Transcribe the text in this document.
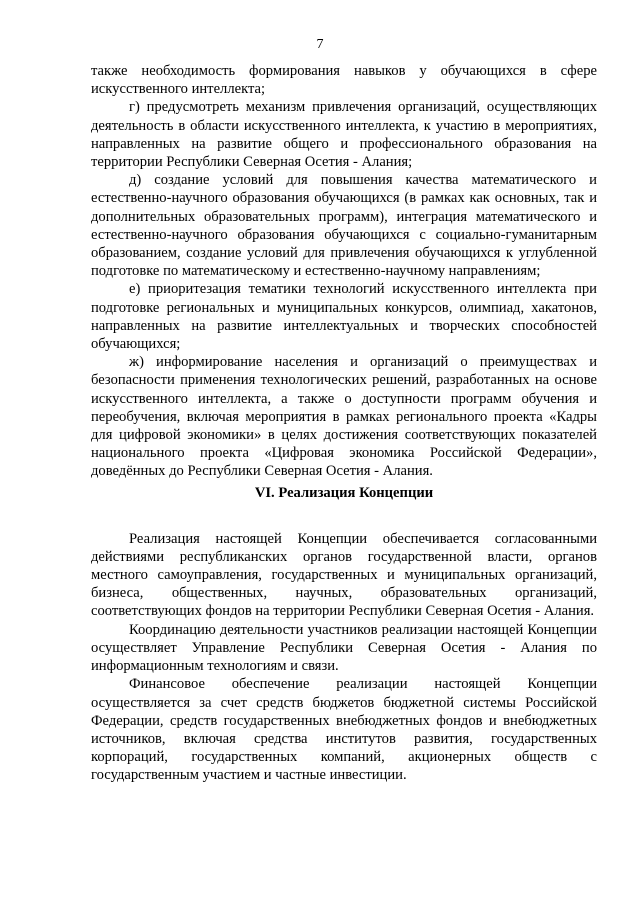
7

также необходимость формирования навыков у обучающихся в сфере искусственного интеллекта;

г) предусмотреть механизм привлечения организаций, осуществляющих деятельность в области искусственного интеллекта, к участию в мероприятиях, направленных на развитие общего и профессионального образования на территории Республики Северная Осетия - Алания;

д) создание условий для повышения качества математического и естественно-научного образования обучающихся (в рамках как основных, так и дополнительных образовательных программ), интеграция математического и естественно-научного образования обучающихся с социально-гуманитарным образованием, создание условий для привлечения обучающихся к углубленной подготовке по математическому и естественно-научному направлениям;

е) приоритезация тематики технологий искусственного интеллекта при подготовке региональных и муниципальных конкурсов, олимпиад, хакатонов, направленных на развитие интеллектуальных и творческих способностей обучающихся;

ж) информирование населения и организаций о преимуществах и безопасности применения технологических решений, разработанных на основе искусственного интеллекта, а также о доступности программ обучения и переобучения, включая мероприятия в рамках регионального проекта «Кадры для цифровой экономики» в целях достижения соответствующих показателей национального проекта «Цифровая экономика Российской Федерации», доведённых до Республики Северная Осетия - Алания.

VI. Реализация Концепции

Реализация настоящей Концепции обеспечивается согласованными действиями республиканских органов государственной власти, органов местного самоуправления, государственных и муниципальных организаций, бизнеса, общественных, научных, образовательных организаций, соответствующих фондов на территории Республики Северная Осетия - Алания.

Координацию деятельности участников реализации настоящей Концепции осуществляет Управление Республики Северная Осетия - Алания по информационным технологиям и связи.

Финансовое обеспечение реализации настоящей Концепции осуществляется за счет средств бюджетов бюджетной системы Российской Федерации, средств государственных внебюджетных фондов и внебюджетных источников, включая средства институтов развития, государственных корпораций, государственных компаний, акционерных обществ с государственным участием и частные инвестиции.
